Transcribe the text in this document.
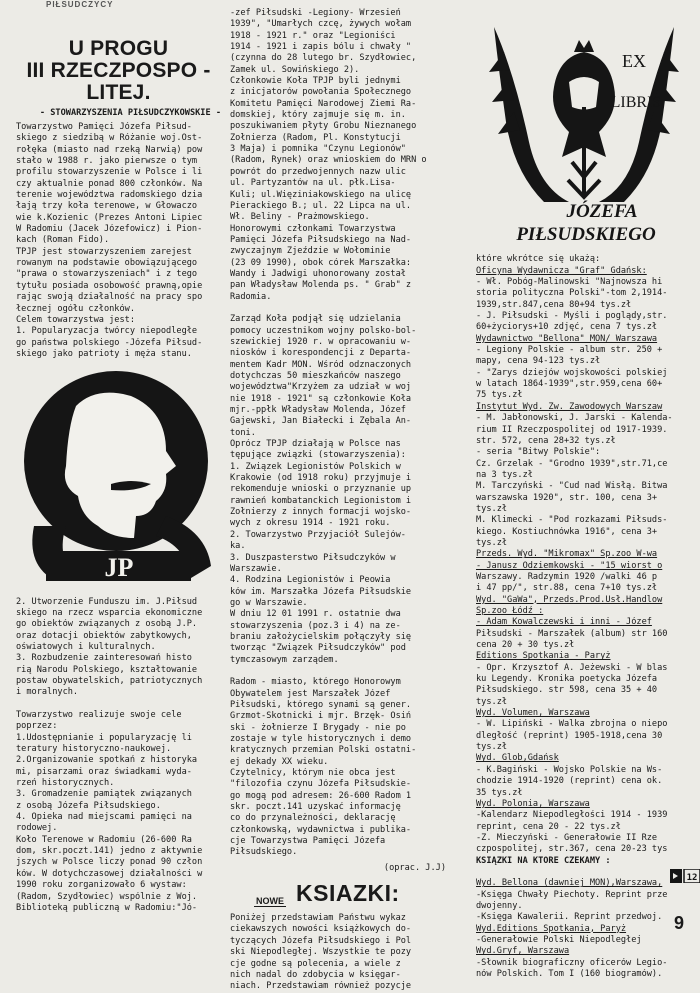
PIŁSUDCZYCY
U PROGU
III RZECZPOSPO -
LITEJ.
- STOWARZYSZENIA PIŁSUDCZYKOWSKIE -
Towarzystwo Pamięci Józefa Piłsud-
skiego z siedzibą w Różanie woj.Ost-
rołęka (miasto nad rzeką Narwią) pow
stało w 1988 r. jako pierwsze o tym
profilu stowarzyszenie w Polsce i li
czy aktualnie ponad 800 członków. Na
terenie województwa radomskiego dzia
łają trzy koła terenowe, w Głowaczo
wie k.Kozienic (Prezes Antoni Lipiec
W Radomiu (Jacek Józefowicz) i Pion-
kach (Roman Fido).
TPJP jest stowarzyszeniem zarejest
rowanym na podstawie obowiązującego
"prawa o stowarzyszeniach" i z tego
tytułu posiada osobowość prawną,opie
rając swoją działalność na pracy spo
łecznej ogółu członków.
Celem towarzystwa jest:
1. Popularyzacja twórcy niepodległe
go państwa polskiego -Józefa Piłsud-
skiego jako patrioty i męża stanu.
JP
2. Utworzenie Funduszu im. J.Piłsud
skiego na rzecz wsparcia ekonomiczne
go obiektów związanych z osobą J.P.
oraz dotacji obiektów zabytkowych,
oświatowych i kulturalnych.
3. Rozbudzenie zainteresowań histo
rią Narodu Polskiego, kształtowanie
postaw obywatelskich, patriotycznych
i moralnych.

Towarzystwo realizuje swoje cele
poprzez:
1.Udostępnianie i popularyzację li
teratury historyczno-naukowej.
2.Organizowanie spotkań z historyka
mi, pisarzami oraz świadkami wyda-
rzeń historycznych.
3. Gromadzenie pamiątek związanych
z osobą Józefa Piłsudskiego.
4. Opieka nad miejscami pamięci na
rodowej.
Koło Terenowe w Radomiu (26-600 Ra
dom, skr.poczt.141) jedno z aktywnie
jszych w Polsce liczy ponad 90 człon
ków. W dotychczasowej działalności w
1990 roku zorganizowało 6 wystaw:
(Radom, Szydłowiec) wspólnie z Woj.
Biblioteką publiczną w Radomiu:"Jó-
-zef Piłsudski -Legiony- Wrzesień
1939", "Umarłych czcę, żywych wołam
1918 - 1921 r." oraz "Legioniści
1914 - 1921 i zapis bólu i chwały "
(czynna do 28 lutego br. Szydłowiec,
Zamek ul. Sowińskiego 2).
Członkowie Koła TPJP byli jednymi
z inicjatorów powołania Społecznego
Komitetu Pamięci Narodowej Ziemi Ra-
domskiej, który zajmuje się m. in.
poszukiwaniem płyty Grobu Nieznanego
Żołnierza (Radom, Pl. Konstytucji
3 Maja) i pomnika "Czynu Legionów"
(Radom, Rynek) oraz wnioskiem do MRN o
powrót do przedwojennych nazw ulic
ul. Partyzantów na ul. płk.Lisa-
Kuli; ul.Więziniakowskiego na ulicę
Pierackiego B.; ul. 22 Lipca na ul.
Wł. Beliny - Prażmowskiego.
Honorowymi członkami Towarzystwa
Pamięci Józefa Piłsudskiego na Nad-
zwyczajnym Zjeździe w Wołominie
(23 09 1990), obok córek Marszałka:
Wandy i Jadwigi uhonorowany został
pan Władysław Molenda ps. " Grab" z
Radomia.

Zarząd Koła podjął się udzielania
pomocy uczestnikom wojny polsko-bol-
szewickiej 1920 r. w opracowaniu w-
niosków i korespondencji z Departa-
mentem Kadr MON. Wśród odznaczonych
dotychczas 50 mieszkańców naszego
województwa"Krzyżem za udział w woj
nie 1918 - 1921" są członkowie Koła
mjr.-ppłk Władysław Molenda, Józef
Gajewski, Jan Białecki i Zębala An-
toni.
Oprócz TPJP działają w Polsce nas
tępujące związki (stowarzyszenia):
1. Związek Legionistów Polskich w
Krakowie (od 1918 roku) przyjmuje i
rekomenduje wnioski o przyznanie up
rawnień kombatanckich Legionistom i
Żołnierzy z innych formacji wojsko-
wych z okresu 1914 - 1921 roku.
2. Towarzystwo Przyjaciół Sulejów-
ka.
3. Duszpasterstwo Piłsudczyków w
Warszawie.
4. Rodzina Legionistów i Peowia
ków im. Marszałka Józefa Piłsudskie
go w Warszawie.
W dniu 12 01 1991 r. ostatnie dwa
stowarzyszenia (poz.3 i 4) na ze-
braniu założycielskim połączyły się
tworząc "Związek Piłsudczyków" pod
tymczasowym zarządem.

Radom - miasto, którego Honorowym
Obywatelem jest Marszałek Józef
Piłsudski, którego synami są gener.
Grzmot-Skotnicki i mjr. Brzęk- Osiń
ski - żołnierze I Brygady - nie po
zostaje w tyle historycznych i demo
kratycznych przemian Polski ostatni-
ej dekady XX wieku.
Czytelnicy, którym nie obca jest
"filozofia czynu Józefa Piłsudskie-
go mogą pod adresem: 26-600 Radom 1
skr. poczt.141 uzyskać informację
co do przynależności, deklarację
członkowską, wydawnictwa i publika-
cje Towarzystwa Pamięci Józefa
Piłsudskiego.
(oprac. J.J)
NOWE KSIAZKI:
Poniżej przedstawiam Państwu wykaz
ciekawszych nowości książkowych do-
tyczących Józefa Piłsudskiego i Pol
ski Niepodległej. Wszystkie te pozy
cje godne są polecenia, a wiele z
nich nadal do zdobycia w księgar-
niach. Przedstawiam również pozycje
EX
LIBRIS
JÓZEFA
PIŁSUDSKIEGO
które wkrótce się ukażą:
Oficyna Wydawnicza "Graf" Gdańsk:
- Wł. Pobóg-Malinowski "Najnowsza hi
storia polityczna Polski"-tom 2,1914-
1939,str.847,cena 80+94 tys.zł
- J. Piłsudski - Myśli i poglądy,str.
60+życiorys+10 zdjęć, cena 7 tys.zł
Wydawnictwo "Bellona" MON/ Warszawa
- Legiony Polskie - album str. 250 +
mapy, cena 94-123 tys.zł
- "Zarys dziejów wojskowości polskiej
w latach 1864-1939",str.959,cena 60+
75 tys.zł
Instytut Wyd. Zw. Zawodowych Warszaw
- M. Jabłonowski, J. Jarski - Kalenda-
rium II Rzeczpospolitej od 1917-1939.
str. 572, cena 28+32 tys.zł
- seria "Bitwy Polskie":
Cz. Grzelak - "Grodno 1939",str.71,ce
na 3 tys.zł
M. Tarczyński - "Cud nad Wisłą. Bitwa
warszawska 1920", str. 100, cena 3+
tys.zł
M. Klimecki - "Pod rozkazami Piłsuds-
kiego. Kostiuchnówka 1916", cena 3+
tys.zł
Przeds. Wyd. "Mikromax" Sp.zoo W-wa
- Janusz Odziemkowski - "15 wiorst o
Warszawy. Radzymin 1920 /walki 46 p
i 47 pp/", str.88, cena 7+10 tys.zł
Wyd. "GaWa", Przeds.Prod.Usł.Handlow
Sp.zoo Łódź :
- Adam Kowalczewski i inni - Józef
Piłsudski - Marszałek (album) str 160
cena 20 + 30 tys.zł
Editions Spotkania - Paryż
- Opr. Krzysztof A. Jeżewski - W blas
ku Legendy. Kronika poetycka Józefa
Piłsudskiego. str 598, cena 35 + 40
tys.zł
Wyd. Volumen, Warszawa
- W. Lipiński - Walka zbrojna o niepo
dległość (reprint) 1905-1918,cena 30
tys.zł
Wyd. Glob,Gdańsk
- K.Bagiński - Wojsko Polskie na Ws-
chodzie 1914-1920 (reprint) cena ok.
35 tys.zł
Wyd. Polonia, Warszawa
-Kalendarz Niepodległości 1914 - 1939
reprint, cena 20 - 22 tys.zł
-Z. Mieczyński - Generałowie II Rze
czpospolitej, str.367, cena 20-23 tys
KSIĄŻKI NA KTÓRE CZEKAMY :

Wyd. Bellona (dawniej MON),Warszawa,
-Księga Chwały Piechoty. Reprint prze
dwojenny.
-Księga Kawalerii. Reprint przedwoj.
Wyd.Editions Spotkania, Paryż
-Generałowie Polski Niepodległej
Wyd.Gryf, Warszawa
-Słownik biograficzny oficerów Legio-
nów Polskich. Tom I (160 biogramów).
12
9
